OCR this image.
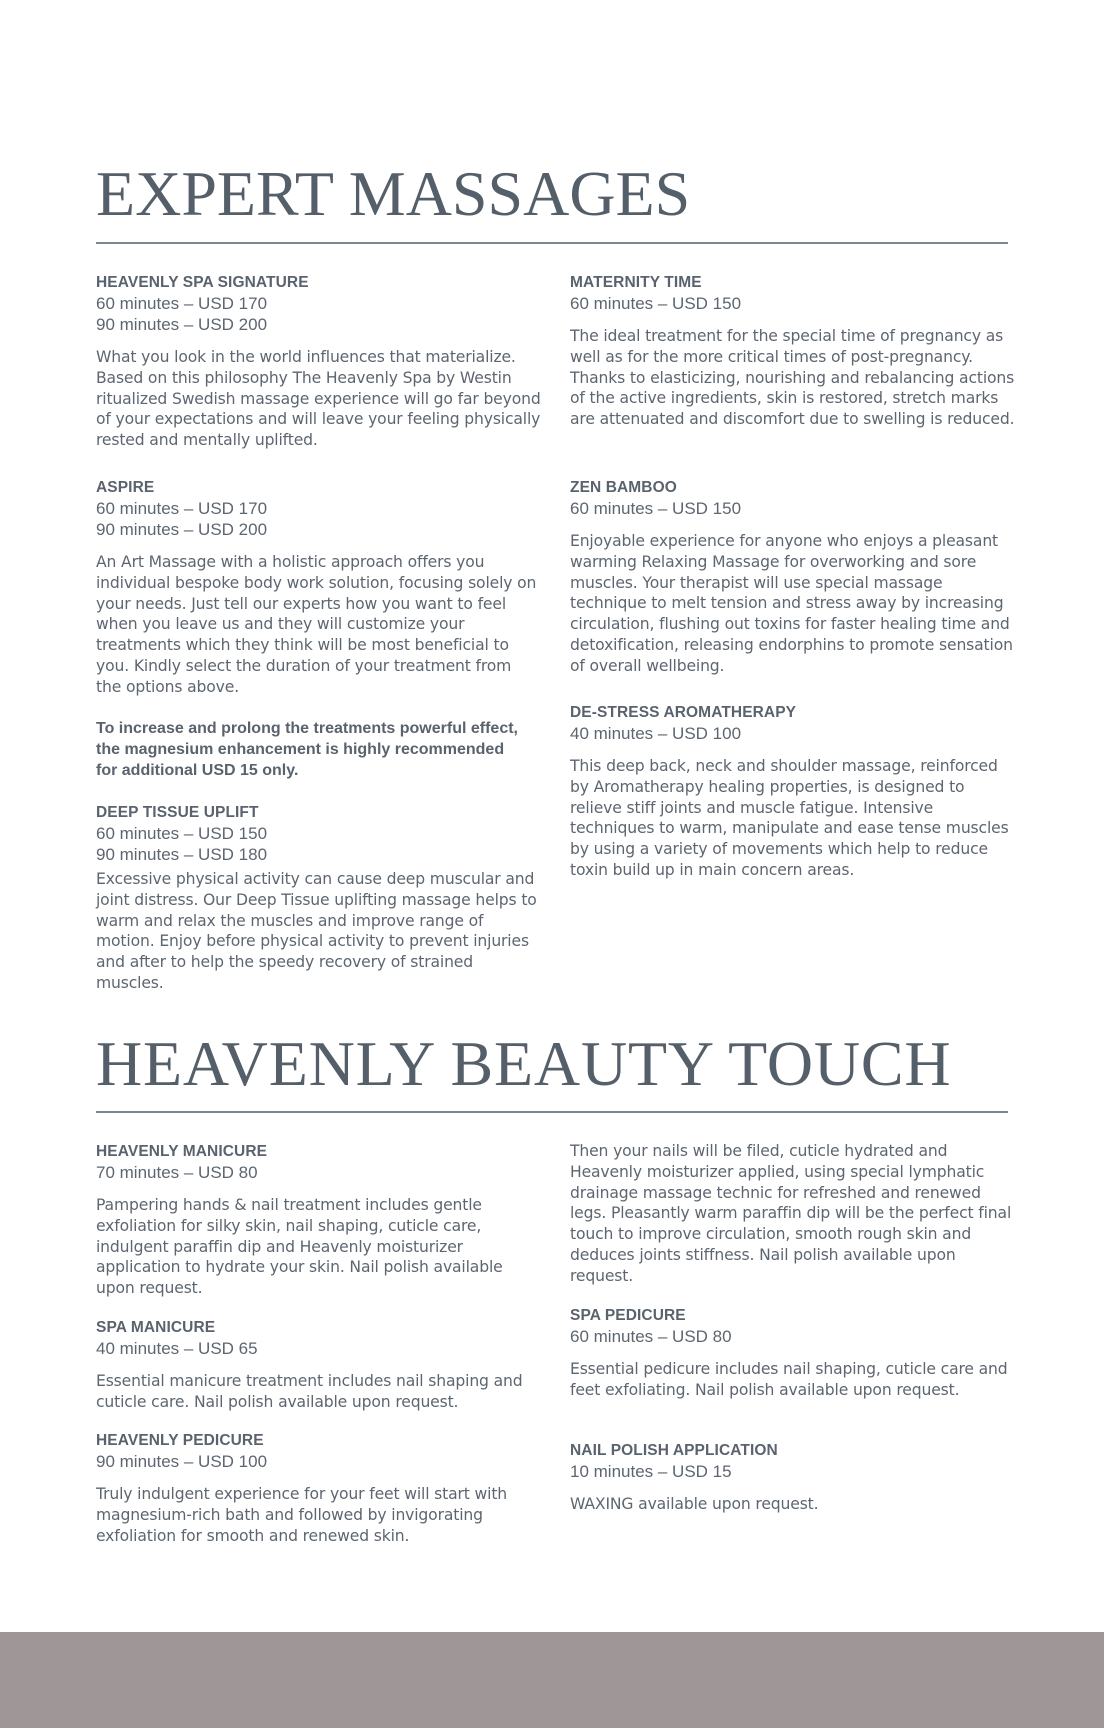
EXPERT MASSAGES
HEAVENLY SPA SIGNATURE
60 minutes – USD 170
90 minutes – USD 200
What you look in the world influences that materialize. Based on this philosophy The Heavenly Spa by Westin ritualized Swedish massage experience will go far beyond of your expectations and will leave your feeling physically rested and mentally uplifted.
ASPIRE
60 minutes – USD 170
90 minutes – USD 200
An Art Massage with a holistic approach offers you individual bespoke body work solution, focusing solely on your needs. Just tell our experts how you want to feel when you leave us and they will customize your treatments which they think will be most beneficial to you. Kindly select the duration of your treatment from the options above.
To increase and prolong the treatments powerful effect, the magnesium enhancement is highly recommended for additional USD 15 only.
DEEP TISSUE UPLIFT
60 minutes – USD 150
90 minutes – USD 180
Excessive physical activity can cause deep muscular and joint distress. Our Deep Tissue uplifting massage helps to warm and relax the muscles and improve range of motion. Enjoy before physical activity to prevent injuries and after to help the speedy recovery of strained muscles.
MATERNITY TIME
60 minutes – USD 150
The ideal treatment for the special time of pregnancy as well as for the more critical times of post-pregnancy. Thanks to elasticizing, nourishing and rebalancing actions of the active ingredients, skin is restored, stretch marks are attenuated and discomfort due to swelling is reduced.
ZEN BAMBOO
60 minutes – USD 150
Enjoyable experience for anyone who enjoys a pleasant warming Relaxing Massage for overworking and sore muscles. Your therapist will use special massage technique to melt tension and stress away by increasing circulation, flushing out toxins for faster healing time and detoxification, releasing endorphins to promote sensation of overall wellbeing.
DE-STRESS AROMATHERAPY
40 minutes – USD 100
This deep back, neck and shoulder massage, reinforced by Aromatherapy healing properties, is designed to relieve stiff joints and muscle fatigue. Intensive techniques to warm, manipulate and ease tense muscles by using a variety of movements which help to reduce toxin build up in main concern areas.
HEAVENLY BEAUTY TOUCH
HEAVENLY MANICURE
70 minutes – USD 80
Pampering hands & nail treatment includes gentle exfoliation for silky skin, nail shaping, cuticle care, indulgent paraffin dip and Heavenly moisturizer application to hydrate your skin. Nail polish available upon request.
SPA MANICURE
40 minutes – USD 65
Essential manicure treatment includes nail shaping and cuticle care. Nail polish available upon request.
HEAVENLY PEDICURE
90 minutes – USD 100
Truly indulgent experience for your feet will start with magnesium-rich bath and followed by invigorating exfoliation for smooth and renewed skin.
Then your nails will be filed, cuticle hydrated and Heavenly moisturizer applied, using special lymphatic drainage massage technic for refreshed and renewed legs. Pleasantly warm paraffin dip will be the perfect final touch to improve circulation, smooth rough skin and deduces joints stiffness. Nail polish available upon request.
SPA PEDICURE
60 minutes – USD 80
Essential pedicure includes nail shaping, cuticle care and feet exfoliating. Nail polish available upon request.
NAIL POLISH APPLICATION
10 minutes – USD 15
WAXING available upon request.
